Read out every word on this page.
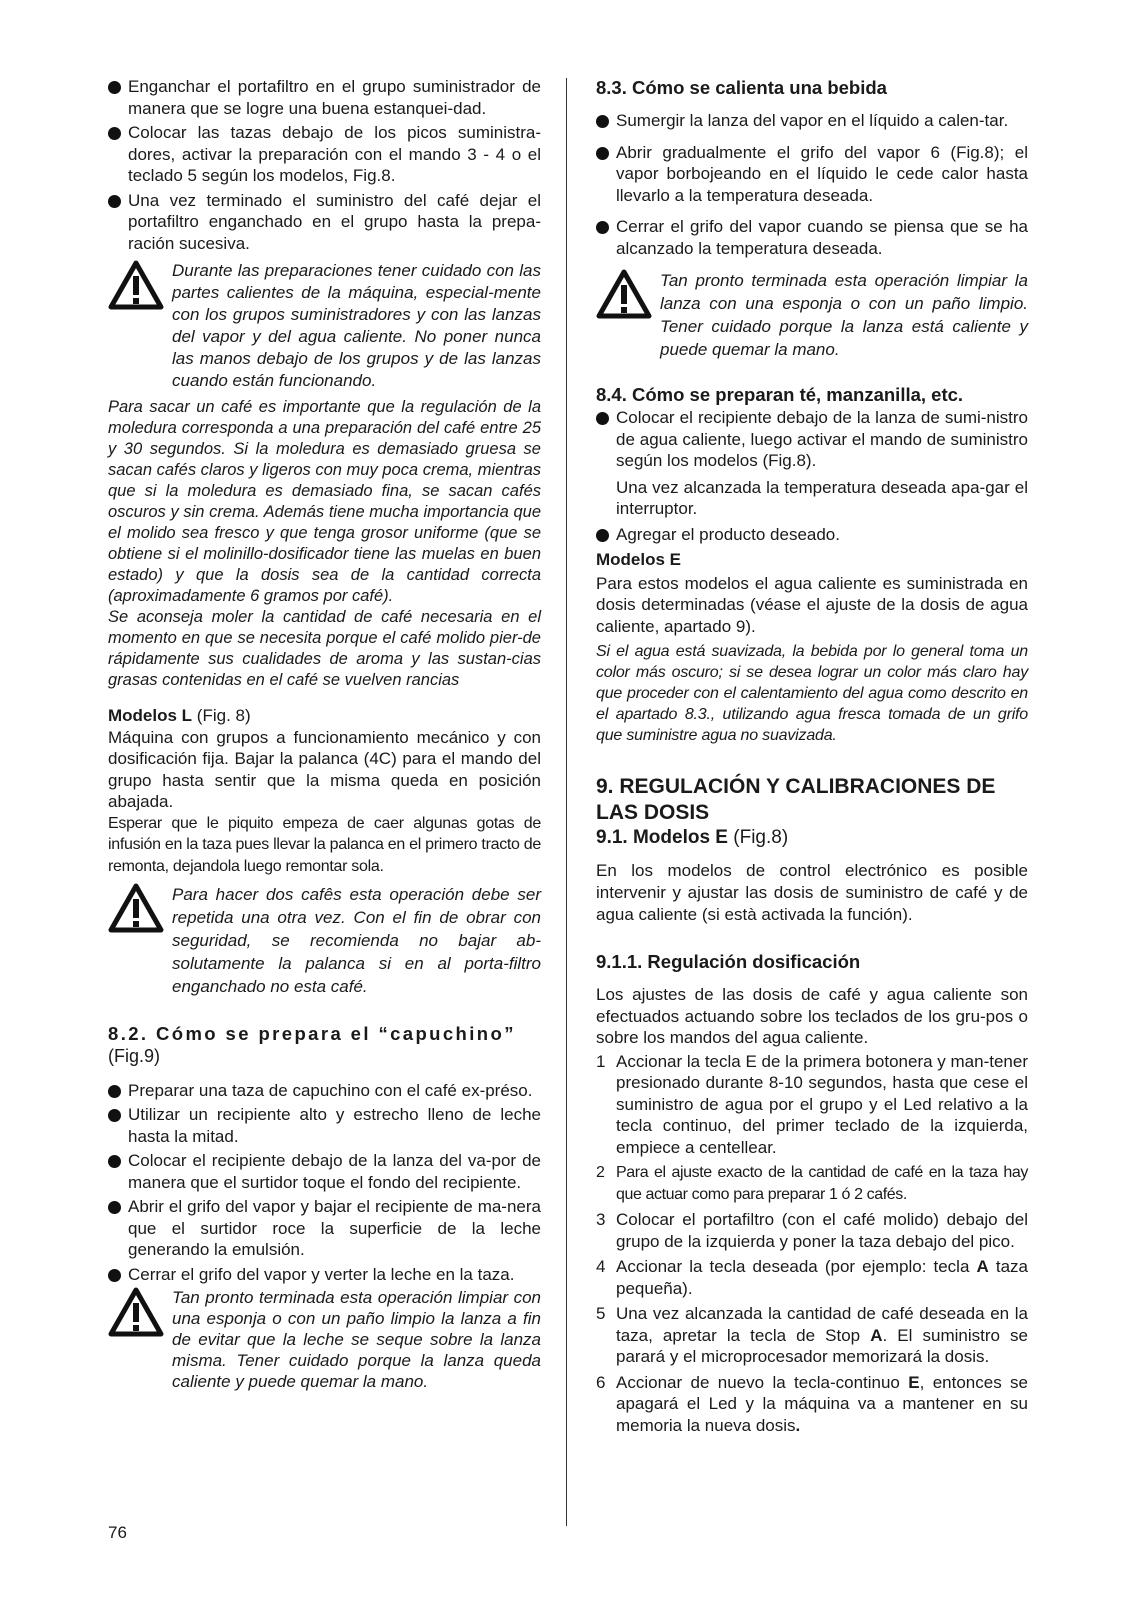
Enganchar el portafiltro en el grupo suministrador de manera que se logre una buena estanquei-dad.

Colocar las tazas debajo de los picos suministra-dores, activar la preparación con el mando 3 - 4 o el teclado 5 según los modelos, Fig.8.

Una vez terminado el suministro del café dejar el portafiltro enganchado en el grupo hasta la prepa-ración sucesiva.

Durante las preparaciones tener cuidado con las partes calientes de la máquina, especial-mente con los grupos suministradores y con las lanzas del vapor y del agua caliente. No poner nunca las manos debajo de los grupos y de las lanzas cuando están funcionando.

Para sacar un café es importante que la regulación de la moledura corresponda a una preparación del café entre 25 y 30 segundos. Si la moledura es demasiado gruesa se sacan cafés claros y ligeros con muy poca crema, mientras que si la moledura es demasiado fina, se sacan cafés oscuros y sin crema. Además tiene mucha importancia que el molido sea fresco y que tenga grosor uniforme (que se obtiene si el molinillo-dosificador tiene las muelas en buen estado) y que la dosis sea de la cantidad correcta (aproximadamente 6 gramos por café).

Se aconseja moler la cantidad de café necesaria en el momento en que se necesita porque el café molido pier-de rápidamente sus cualidades de aroma y las sustan-cias grasas contenidas en el café se vuelven rancias

Modelos L (Fig. 8)

Máquina con grupos a funcionamiento mecánico y con dosificación fija. Bajar la palanca (4C) para el mando del grupo hasta sentir que la misma queda en posición abajada.

Esperar que le piquito empeza de caer algunas gotas de infusión en la taza pues llevar la palanca en el primero tracto de remonta, dejandola luego remontar sola.

Para hacer dos cafês esta operación debe ser repetida una otra vez. Con el fin de obrar con seguridad, se recomienda no bajar ab-solutamente la palanca si en al porta-filtro enganchado no esta café.

8.2. Cómo se prepara el “capuchino”

(Fig.9)

Preparar una taza de capuchino con el café ex-préso.

Utilizar un recipiente alto y estrecho lleno de leche hasta la mitad.

Colocar el recipiente debajo de la lanza del va-por de manera que el surtidor toque el fondo del recipiente.

Abrir el grifo del vapor y bajar el recipiente de ma-nera que el surtidor roce la superficie de la leche generando la emulsión.

Cerrar el grifo del vapor y verter la leche en la taza.

Tan pronto terminada esta operación limpiar con una esponja o con un paño limpio la lanza a fin de evitar que la leche se seque sobre la lanza misma. Tener cuidado porque la lanza queda caliente y puede quemar la mano.

8.3. Cómo se calienta una bebida

Sumergir la lanza del vapor en el líquido a calen-tar.

Abrir gradualmente el grifo del vapor 6 (Fig.8); el vapor borbojeando en el líquido le cede calor hasta llevarlo a la temperatura deseada.

Cerrar el grifo del vapor cuando se piensa que se ha alcanzado la temperatura deseada.

Tan pronto terminada esta operación limpiar la lanza con una esponja o con un paño limpio. Tener cuidado porque la lanza está caliente y puede quemar la mano.

8.4. Cómo se preparan té, manzanilla, etc.

Colocar el recipiente debajo de la lanza de sumi-nistro de agua caliente, luego activar el mando de suministro según los modelos (Fig.8).

Una vez alcanzada la temperatura deseada apa-gar el interruptor.

Agregar el producto deseado.

Modelos E

Para estos modelos el agua caliente es suministrada en dosis determinadas (véase el ajuste de la dosis de agua caliente, apartado 9).

Si el agua está suavizada, la bebida por lo general toma un color más oscuro; si se desea lograr un color más claro hay que proceder con el calentamiento del agua como descrito en el apartado 8.3., utilizando agua fresca tomada de un grifo que suministre agua no suavizada.

9. REGULACIÓN Y CALIBRACIONES DE LAS DOSIS

9.1. Modelos E (Fig.8)

En los modelos de control electrónico es posible intervenir y ajustar las dosis de suministro de café y de agua caliente (si està activada la función).

9.1.1. Regulación dosificación

Los ajustes de las dosis de café y agua caliente son efectuados actuando sobre los teclados de los gru-pos o sobre los mandos del agua caliente.

1 Accionar la tecla E de la primera botonera y man-tener presionado durante 8-10 segundos, hasta que cese el suministro de agua por el grupo y el Led relativo a la tecla continuo, del primer teclado de la izquierda, empiece a centellear.

2 Para el ajuste exacto de la cantidad de café en la taza hay que actuar como para preparar 1 ó 2 cafés.

3 Colocar el portafiltro (con el café molido) debajo del grupo de la izquierda y poner la taza debajo del pico.

4 Accionar la tecla deseada (por ejemplo: tecla A taza pequeña).

5 Una vez alcanzada la cantidad de café deseada en la taza, apretar la tecla de Stop A. El suministro se parará y el microprocesador memorizará la dosis.

6 Accionar de nuevo la tecla-continuo E, entonces se apagará el Led y la máquina va a mantener en su memoria la nueva dosis.

76
